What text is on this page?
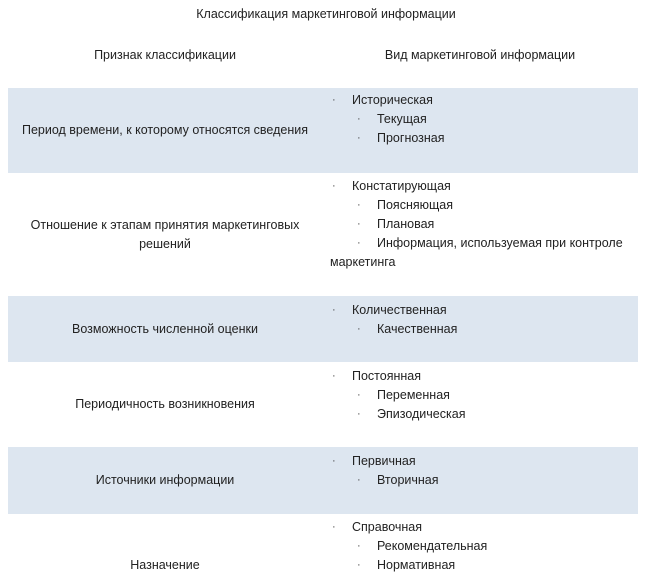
Классификация маркетинговой информации
Признак классификации	Вид маркетинговой информации
Период времени, к которому относятся сведения
· Историческая
· Текущая
· Прогнозная
Отношение к этапам принятия маркетинговых решений
· Констатирующая
· Поясняющая
· Плановая
· Информация, используемая при контроле маркетинга
Возможность численной оценки
· Количественная
· Качественная
Периодичность возникновения
· Постоянная
· Переменная
· Эпизодическая
Источники информации
· Первичная
· Вторичная
Назначение
· Справочная
· Рекомендательная
· Нормативная
